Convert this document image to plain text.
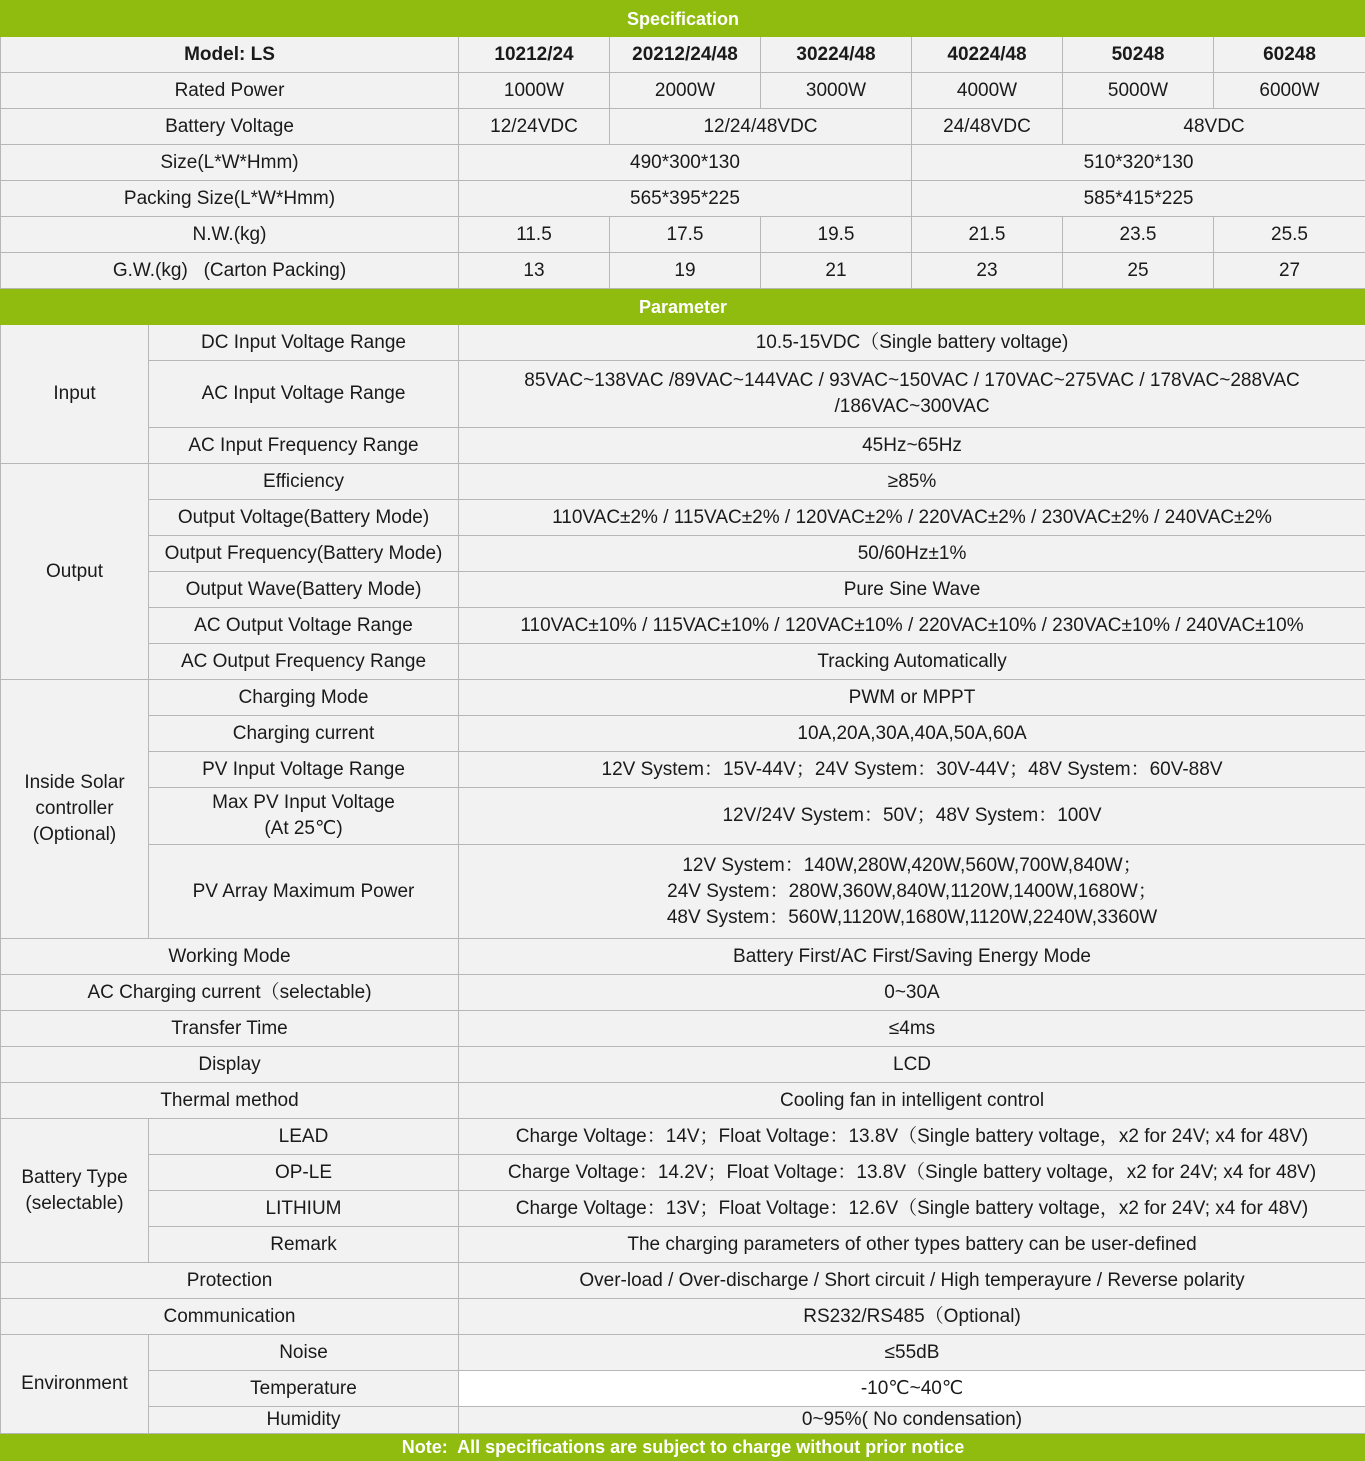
Specification							
Model: LS		10212/24	20212/24/48	30224/48	40224/48	50248	60248
Rated Power		1000W	2000W	3000W	4000W	5000W	6000W
Battery Voltage		12/24VDC	12/24/48VDC		24/48VDC	48VDC	
Size(L*W*Hmm)		490*300*130			510*320*130		
Packing Size(L*W*Hmm)		565*395*225			585*415*225		
N.W.(kg)		11.5	17.5	19.5	21.5	23.5	25.5
G.W.(kg)   (Carton Packing)		13	19	21	23	25	27
Parameter							
Input	DC Input Voltage Range	10.5-15VDC（Single battery voltage)					
	AC Input Voltage Range	85VAC~138VAC /89VAC~144VAC / 93VAC~150VAC / 170VAC~275VAC / 178VAC~288VAC
/186VAC~300VAC					

	AC Input Frequency Range	45Hz~65Hz					
Output	Efficiency	≥85%					
	Output Voltage(Battery Mode)	110VAC±2% / 115VAC±2% / 120VAC±2% / 220VAC±2% / 230VAC±2% / 240VAC±2%					
	Output Frequency(Battery Mode)	50/60Hz±1%					
	Output Wave(Battery Mode)	Pure Sine Wave					
	AC Output Voltage Range	110VAC±10% / 115VAC±10% / 120VAC±10% / 220VAC±10% / 230VAC±10% / 240VAC±10%					
	AC Output Frequency Range	Tracking Automatically					

Inside Solar
controller
(Optional)	Charging Mode	PWM or MPPT					
	Charging current	10A,20A,30A,40A,50A,60A					
	PV Input Voltage Range	12V System：15V-44V；24V System：30V-44V；48V System：60V-88V					

	Max PV Input Voltage
(At 25℃)	12V/24V System：50V；48V System：100V					
	PV Array Maximum Power	12V System：140W,280W,420W,560W,700W,840W；
24V System：280W,360W,840W,1120W,1400W,1680W；
48V System：560W,1120W,1680W,1120W,2240W,3360W					

Working Mode		Battery First/AC First/Saving Energy Mode					
AC Charging current（selectable)		0~30A					
Transfer Time		≤4ms					
Display		LCD					
Thermal method		Cooling fan in intelligent control					

Battery Type
(selectable)	LEAD	Charge Voltage：14V；Float Voltage：13.8V（Single battery voltage，x2 for 24V; x4 for 48V)					
	OP-LE	Charge Voltage：14.2V；Float Voltage：13.8V（Single battery voltage，x2 for 24V; x4 for 48V)					
	LITHIUM	Charge Voltage：13V；Float Voltage：12.6V（Single battery voltage，x2 for 24V; x4 for 48V)					
	Remark	The charging parameters of other types battery can be user-defined					
Protection		Over-load / Over-discharge / Short circuit / High temperayure / Reverse polarity					
Communication		RS232/RS485（Optional)					
Environment	Noise	≤55dB					
	Temperature	-10℃~40℃					
	Humidity	0~95%( No condensation)					
Note:  All specifications are subject to charge without prior notice							
